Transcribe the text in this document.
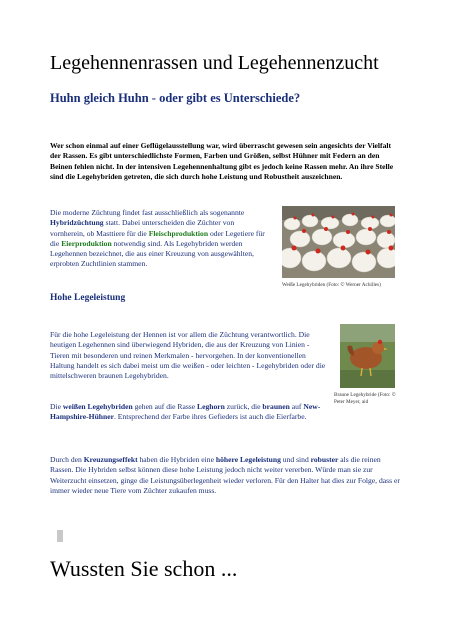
Legehennenrassen und Legehennenzucht
Huhn gleich Huhn - oder gibt es Unterschiede?
Wer schon einmal auf einer Geflügelausstellung war, wird überrascht gewesen sein angesichts der Vielfalt der Rassen. Es gibt unterschiedlichste Formen, Farben und Größen, selbst Hühner mit Federn an den Beinen fehlen nicht. In der intensiven Legehennenhaltung gibt es jedoch keine Rassen mehr. An ihre Stelle sind die Legehybriden getreten, die sich durch hohe Leistung und Robustheit auszeichnen.
Die moderne Züchtung findet fast ausschließlich als sogenannte Hybridzüchtung statt. Dabei unterscheiden die Züchter von vornherein, ob Masttiere für die Fleischproduktion oder Legetiere für die Eierproduktion notwendig sind. Als Legehybriden werden Legehennen bezeichnet, die aus einer Kreuzung von ausgewählten, erprobten Zuchtlinien stammen.
Weiße Legehybriden (Foto: © Werner Achilles)
Hohe Legeleistung
Für die hohe Legeleistung der Hennen ist vor allem die Züchtung verantwortlich. Die heutigen Legehennen sind überwiegend Hybriden, die aus der Kreuzung von Linien - Tieren mit besonderen und reinen Merkmalen - hervorgehen. In der konventionellen Haltung handelt es sich dabei meist um die weißen - oder leichten - Legehybriden oder die mittelschweren braunen Legehybriden.
Braune Legehybride (Foto: © Peter Meyer, aid
Die weißen Legehybriden gehen auf die Rasse Leghorn zurück, die braunen auf New-Hampshire-Hühner. Entsprechend der Farbe ihres Gefieders ist auch die Eierfarbe.
Durch den Kreuzungseffekt haben die Hybriden eine höhere Legeleistung und sind robuster als die reinen Rassen. Die Hybriden selbst können diese hohe Leistung jedoch nicht weiter vererben. Würde man sie zur Weiterzucht einsetzen, ginge die Leistungsüberlegenheit wieder verloren. Für den Halter hat dies zur Folge, dass er immer wieder neue Tiere vom Züchter zukaufen muss.
Wussten Sie schon ...
